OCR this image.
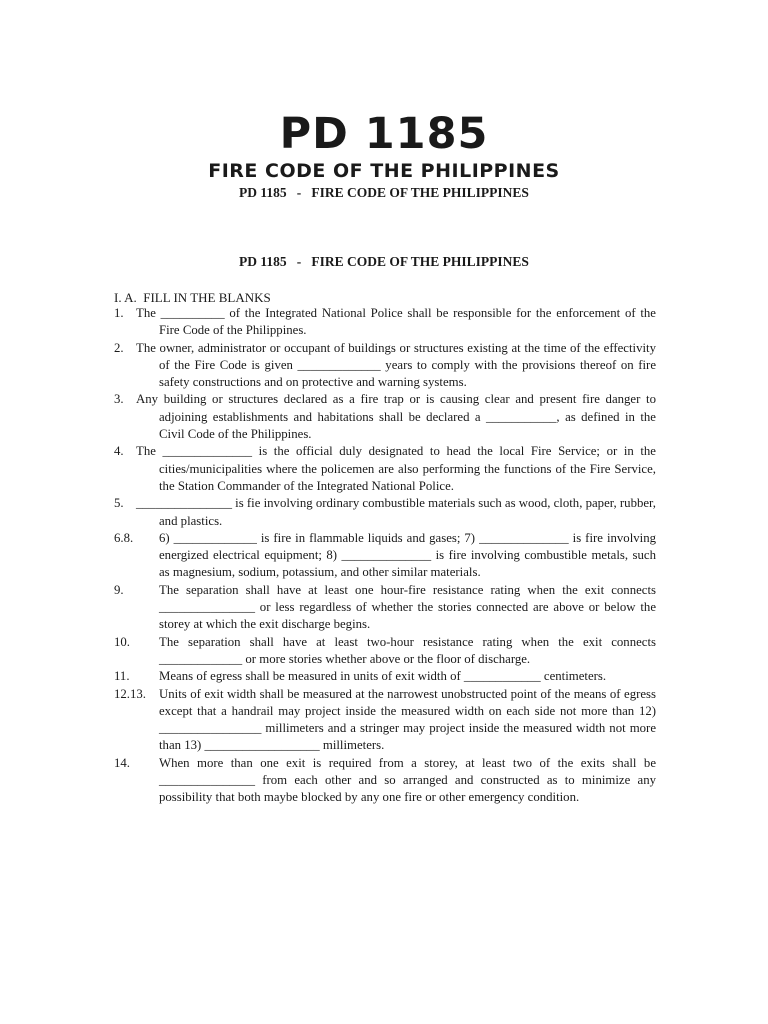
PD 1185
FIRE CODE OF THE PHILIPPINES
PD 1185   -   FIRE CODE OF THE PHILIPPINES
PD 1185   -   FIRE CODE OF THE PHILIPPINES
I. A.  FILL IN THE BLANKS
1. The __________ of the Integrated National Police shall be responsible for the enforcement of the Fire Code of the Philippines.
2. The owner, administrator or occupant of buildings or structures existing at the time of the effectivity of the Fire Code is given _____________ years to comply with the provisions thereof on fire safety constructions and on protective and warning systems.
3. Any building or structures declared as a fire trap or is causing clear and present fire danger to adjoining establishments and habitations shall be declared a ___________, as defined in the Civil Code of the Philippines.
4. The ______________ is the official duly designated to head the local Fire Service; or in the cities/municipalities where the policemen are also performing the functions of the Fire Service, the Station Commander of the Integrated National Police.
5. _______________ is fie involving ordinary combustible materials such as wood, cloth, paper, rubber, and plastics.
6.8.	6) _____________ is fire in flammable liquids and gases; 7) ______________ is fire involving energized electrical equipment; 8) ______________ is fire involving combustible metals, such as magnesium, sodium, potassium, and other similar materials.
9.	The separation shall have at least one hour-fire resistance rating when the exit connects _______________ or less regardless of whether the stories connected are above or below the storey at which the exit discharge begins.
10.	The separation shall have at least two-hour resistance rating when the exit connects _____________ or more stories whether above or the floor of discharge.
11.	Means of egress shall be measured in units of exit width of ____________ centimeters.
12.13.	Units of exit width shall be measured at the narrowest unobstructed point of the means of egress except that a handrail may project inside the measured width on each side not more than 12) ________________ millimeters and a stringer may project inside the measured width not more than 13) __________________ millimeters.
14.	When more than one exit is required from a storey, at least two of the exits shall be _______________ from each other and so arranged and constructed as to minimize any possibility that both maybe blocked by any one fire or other emergency condition.
